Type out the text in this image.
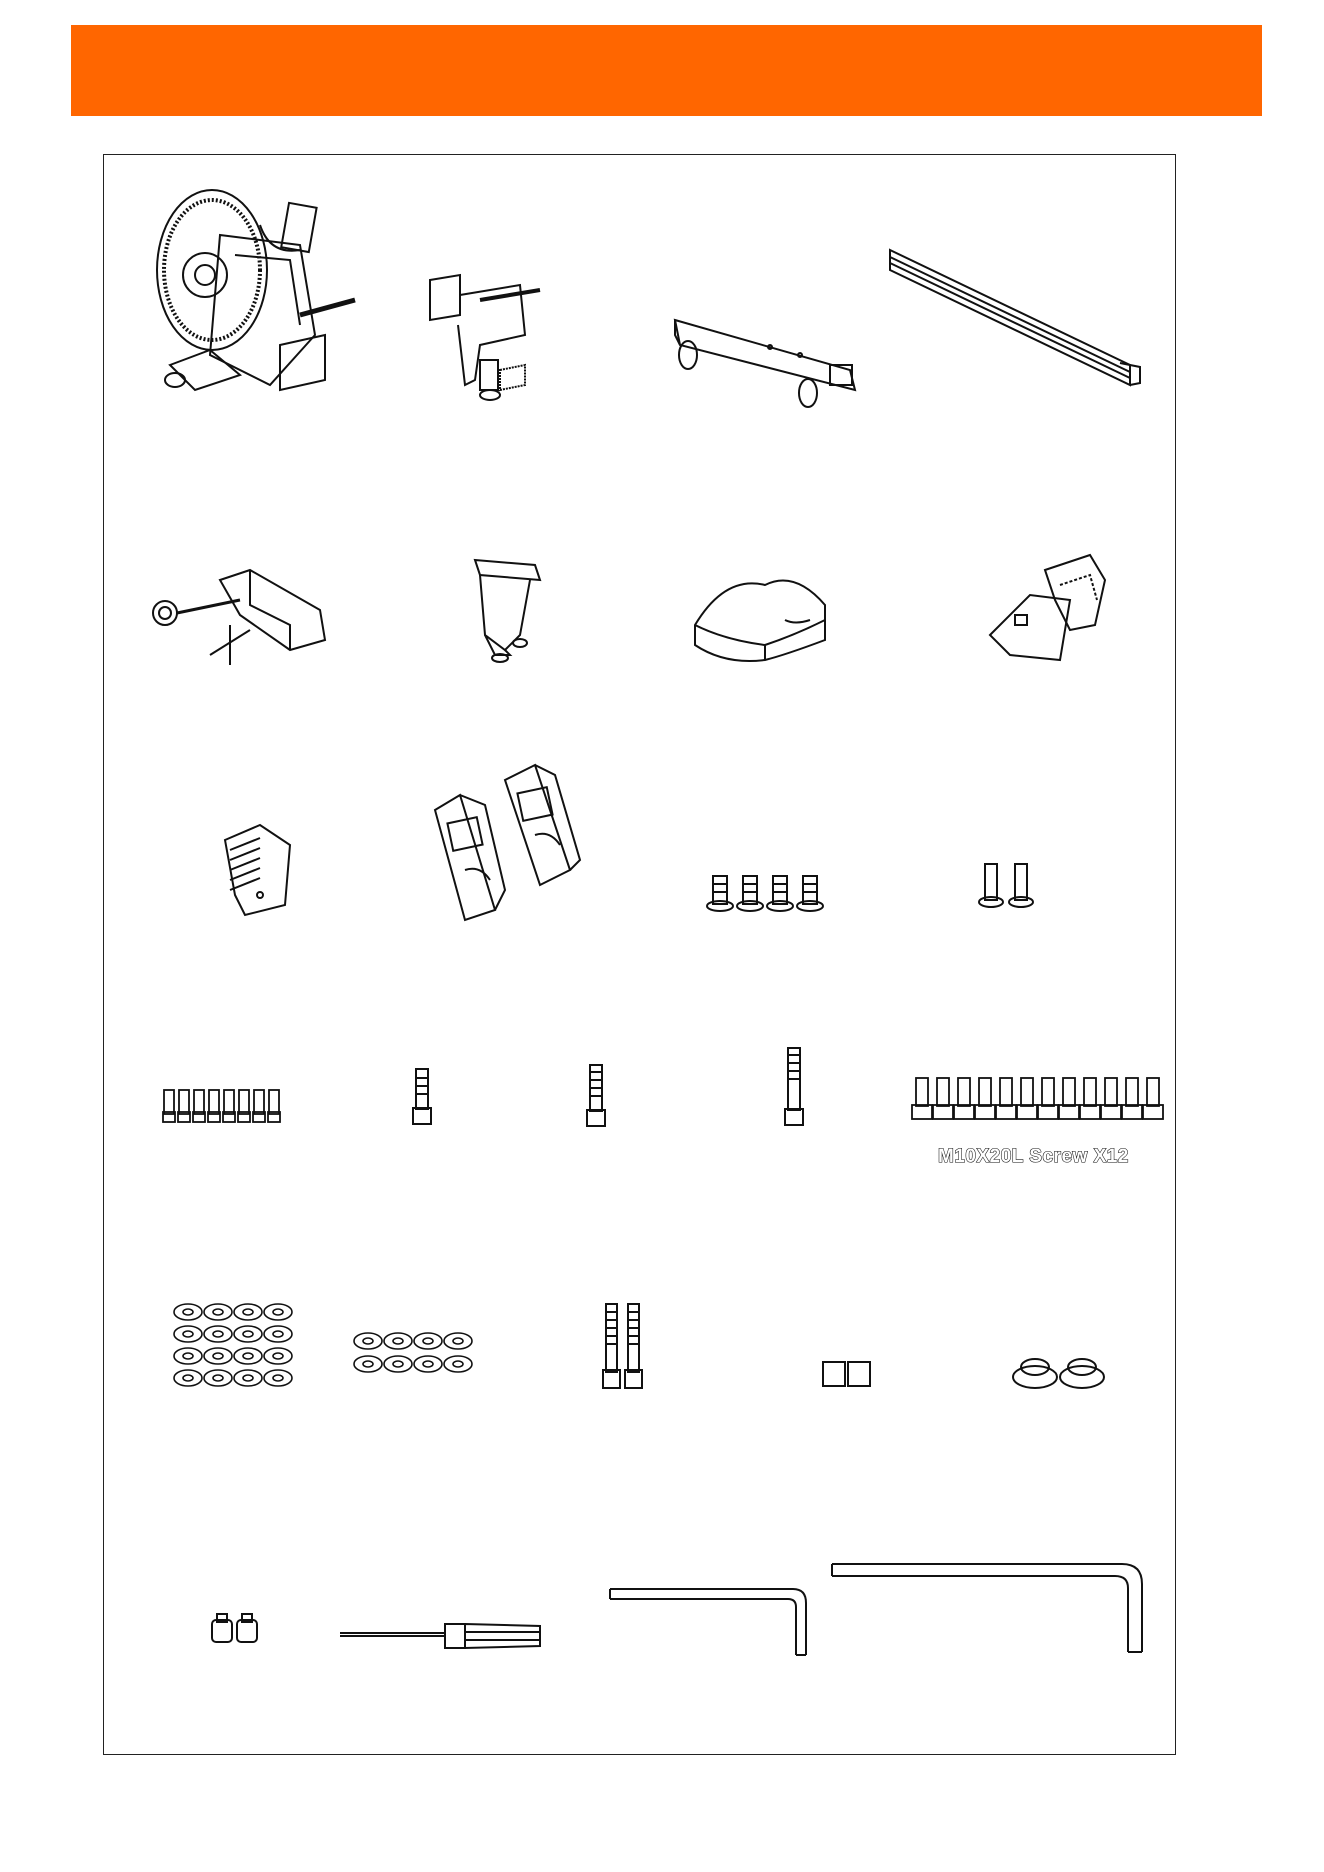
M10X20L Screw X12
